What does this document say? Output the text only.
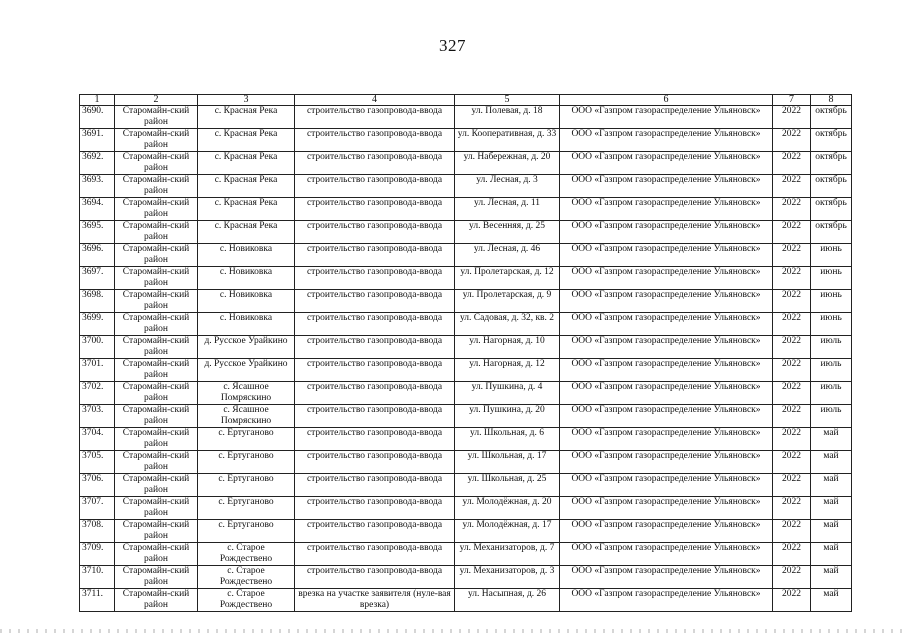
327
1	2	3	4	5	6	7	8
3690.	Старомайн-ский район	с. Красная Река	строительство газопровода-ввода	ул. Полевая, д. 18	ООО «Газпром газораспределение Ульяновск»	2022	октябрь
3691.	Старомайн-ский район	с. Красная Река	строительство газопровода-ввода	ул. Кооперативная, д. 33	ООО «Газпром газораспределение Ульяновск»	2022	октябрь
3692.	Старомайн-ский район	с. Красная Река	строительство газопровода-ввода	ул. Набережная, д. 20	ООО «Газпром газораспределение Ульяновск»	2022	октябрь
3693.	Старомайн-ский район	с. Красная Река	строительство газопровода-ввода	ул. Лесная, д. 3	ООО «Газпром газораспределение Ульяновск»	2022	октябрь
3694.	Старомайн-ский район	с. Красная Река	строительство газопровода-ввода	ул. Лесная, д. 11	ООО «Газпром газораспределение Ульяновск»	2022	октябрь
3695.	Старомайн-ский район	с. Красная Река	строительство газопровода-ввода	ул. Весенняя, д. 25	ООО «Газпром газораспределение Ульяновск»	2022	октябрь
3696.	Старомайн-ский район	с. Новиковка	строительство газопровода-ввода	ул. Лесная, д. 46	ООО «Газпром газораспределение Ульяновск»	2022	июнь
3697.	Старомайн-ский район	с. Новиковка	строительство газопровода-ввода	ул. Пролетарская, д. 12	ООО «Газпром газораспределение Ульяновск»	2022	июнь
3698.	Старомайн-ский район	с. Новиковка	строительство газопровода-ввода	ул. Пролетарская, д. 9	ООО «Газпром газораспределение Ульяновск»	2022	июнь
3699.	Старомайн-ский район	с. Новиковка	строительство газопровода-ввода	ул. Садовая, д. 32, кв. 2	ООО «Газпром газораспределение Ульяновск»	2022	июнь
3700.	Старомайн-ский район	д. Русское Урайкино	строительство газопровода-ввода	ул. Нагорная, д. 10	ООО «Газпром газораспределение Ульяновск»	2022	июль
3701.	Старомайн-ский район	д. Русское Урайкино	строительство газопровода-ввода	ул. Нагорная, д. 12	ООО «Газпром газораспределение Ульяновск»	2022	июль
3702.	Старомайн-ский район	с. Ясашное Помряскино	строительство газопровода-ввода	ул. Пушкина, д. 4	ООО «Газпром газораспределение Ульяновск»	2022	июль
3703.	Старомайн-ский район	с. Ясашное Помряскино	строительство газопровода-ввода	ул. Пушкина, д. 20	ООО «Газпром газораспределение Ульяновск»	2022	июль
3704.	Старомайн-ский район	с. Ертуганово	строительство газопровода-ввода	ул. Школьная, д. 6	ООО «Газпром газораспределение Ульяновск»	2022	май
3705.	Старомайн-ский район	с. Ертуганово	строительство газопровода-ввода	ул. Школьная, д. 17	ООО «Газпром газораспределение Ульяновск»	2022	май
3706.	Старомайн-ский район	с. Ертуганово	строительство газопровода-ввода	ул. Школьная, д. 25	ООО «Газпром газораспределение Ульяновск»	2022	май
3707.	Старомайн-ский район	с. Ертуганово	строительство газопровода-ввода	ул. Молодёжная, д. 20	ООО «Газпром газораспределение Ульяновск»	2022	май
3708.	Старомайн-ский район	с. Ертуганово	строительство газопровода-ввода	ул. Молодёжная, д. 17	ООО «Газпром газораспределение Ульяновск»	2022	май
3709.	Старомайн-ский район	с. Старое Рождествено	строительство газопровода-ввода	ул. Механизаторов, д. 7	ООО «Газпром газораспределение Ульяновск»	2022	май
3710.	Старомайн-ский район	с. Старое Рождествено	строительство газопровода-ввода	ул. Механизаторов, д. 3	ООО «Газпром газораспределение Ульяновск»	2022	май
3711.	Старомайн-ский район	с. Старое Рождествено	врезка на участке заявителя (нуле-вая врезка)	ул. Насыпная, д. 26	ООО «Газпром газораспределение Ульяновск»	2022	май
